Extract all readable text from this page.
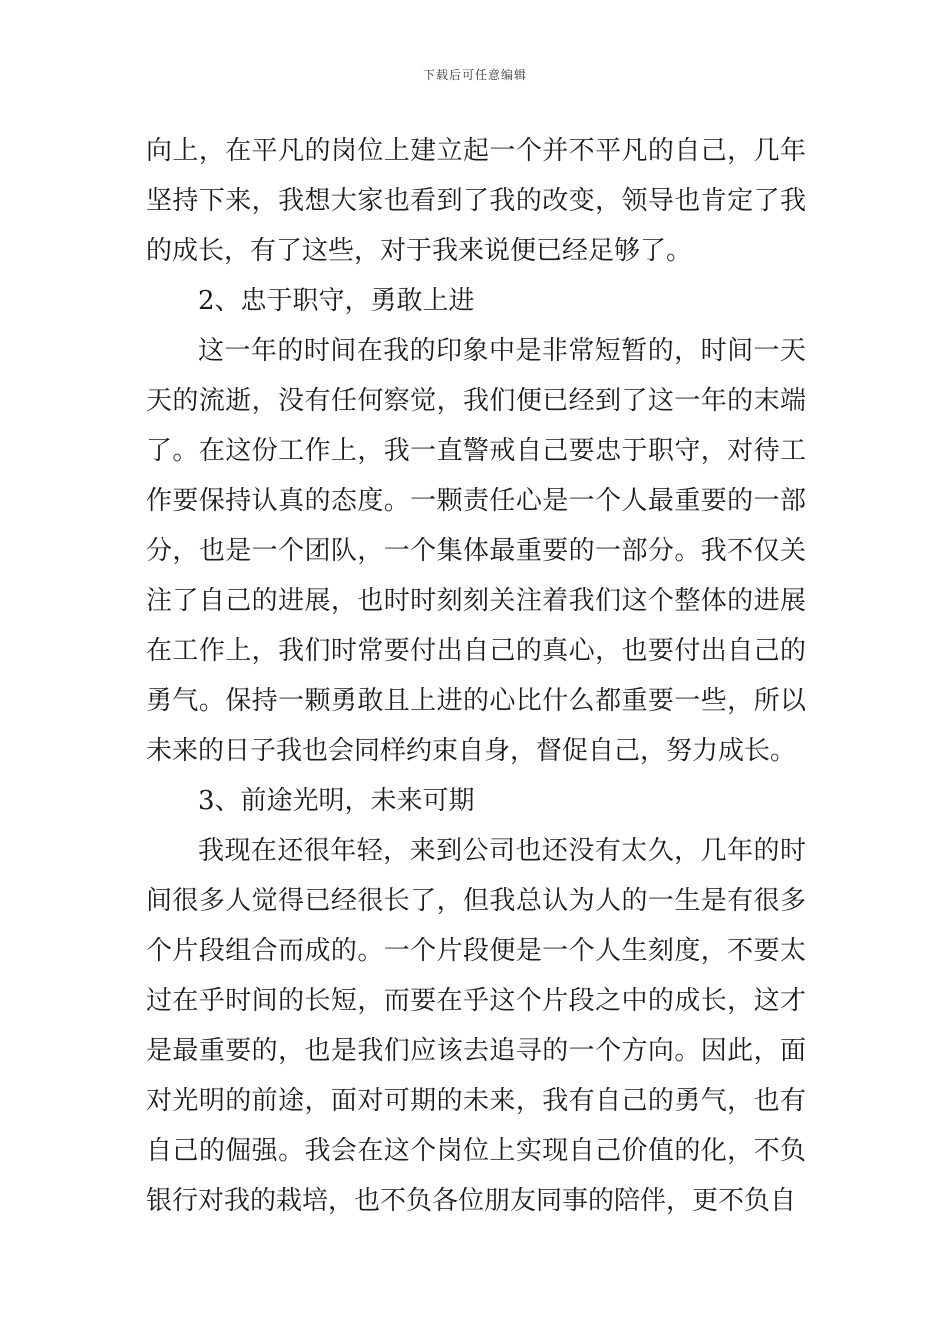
下载后可任意编辑

向上，在平凡的岗位上建立起一个并不平凡的自己，几年坚持下来，我想大家也看到了我的改变，领导也肯定了我的成长，有了这些，对于我来说便已经足够了。

2、忠于职守，勇敢上进

这一年的时间在我的印象中是非常短暂的，时间一天天的流逝，没有任何察觉，我们便已经到了这一年的末端了。在这份工作上，我一直警戒自己要忠于职守，对待工作要保持认真的态度。一颗责任心是一个人最重要的一部分，也是一个团队，一个集体最重要的一部分。我不仅关注了自己的进展，也时时刻刻关注着我们这个整体的进展在工作上，我们时常要付出自己的真心，也要付出自己的勇气。保持一颗勇敢且上进的心比什么都重要一些，所以未来的日子我也会同样约束自身，督促自己，努力成长。

3、前途光明，未来可期

我现在还很年轻，来到公司也还没有太久，几年的时间很多人觉得已经很长了，但我总认为人的一生是有很多个片段组合而成的。一个片段便是一个人生刻度，不要太过在乎时间的长短，而要在乎这个片段之中的成长，这才是最重要的，也是我们应该去追寻的一个方向。因此，面对光明的前途，面对可期的未来，我有自己的勇气，也有自己的倔强。我会在这个岗位上实现自己价值的化，不负银行对我的栽培，也不负各位朋友同事的陪伴，更不负自
